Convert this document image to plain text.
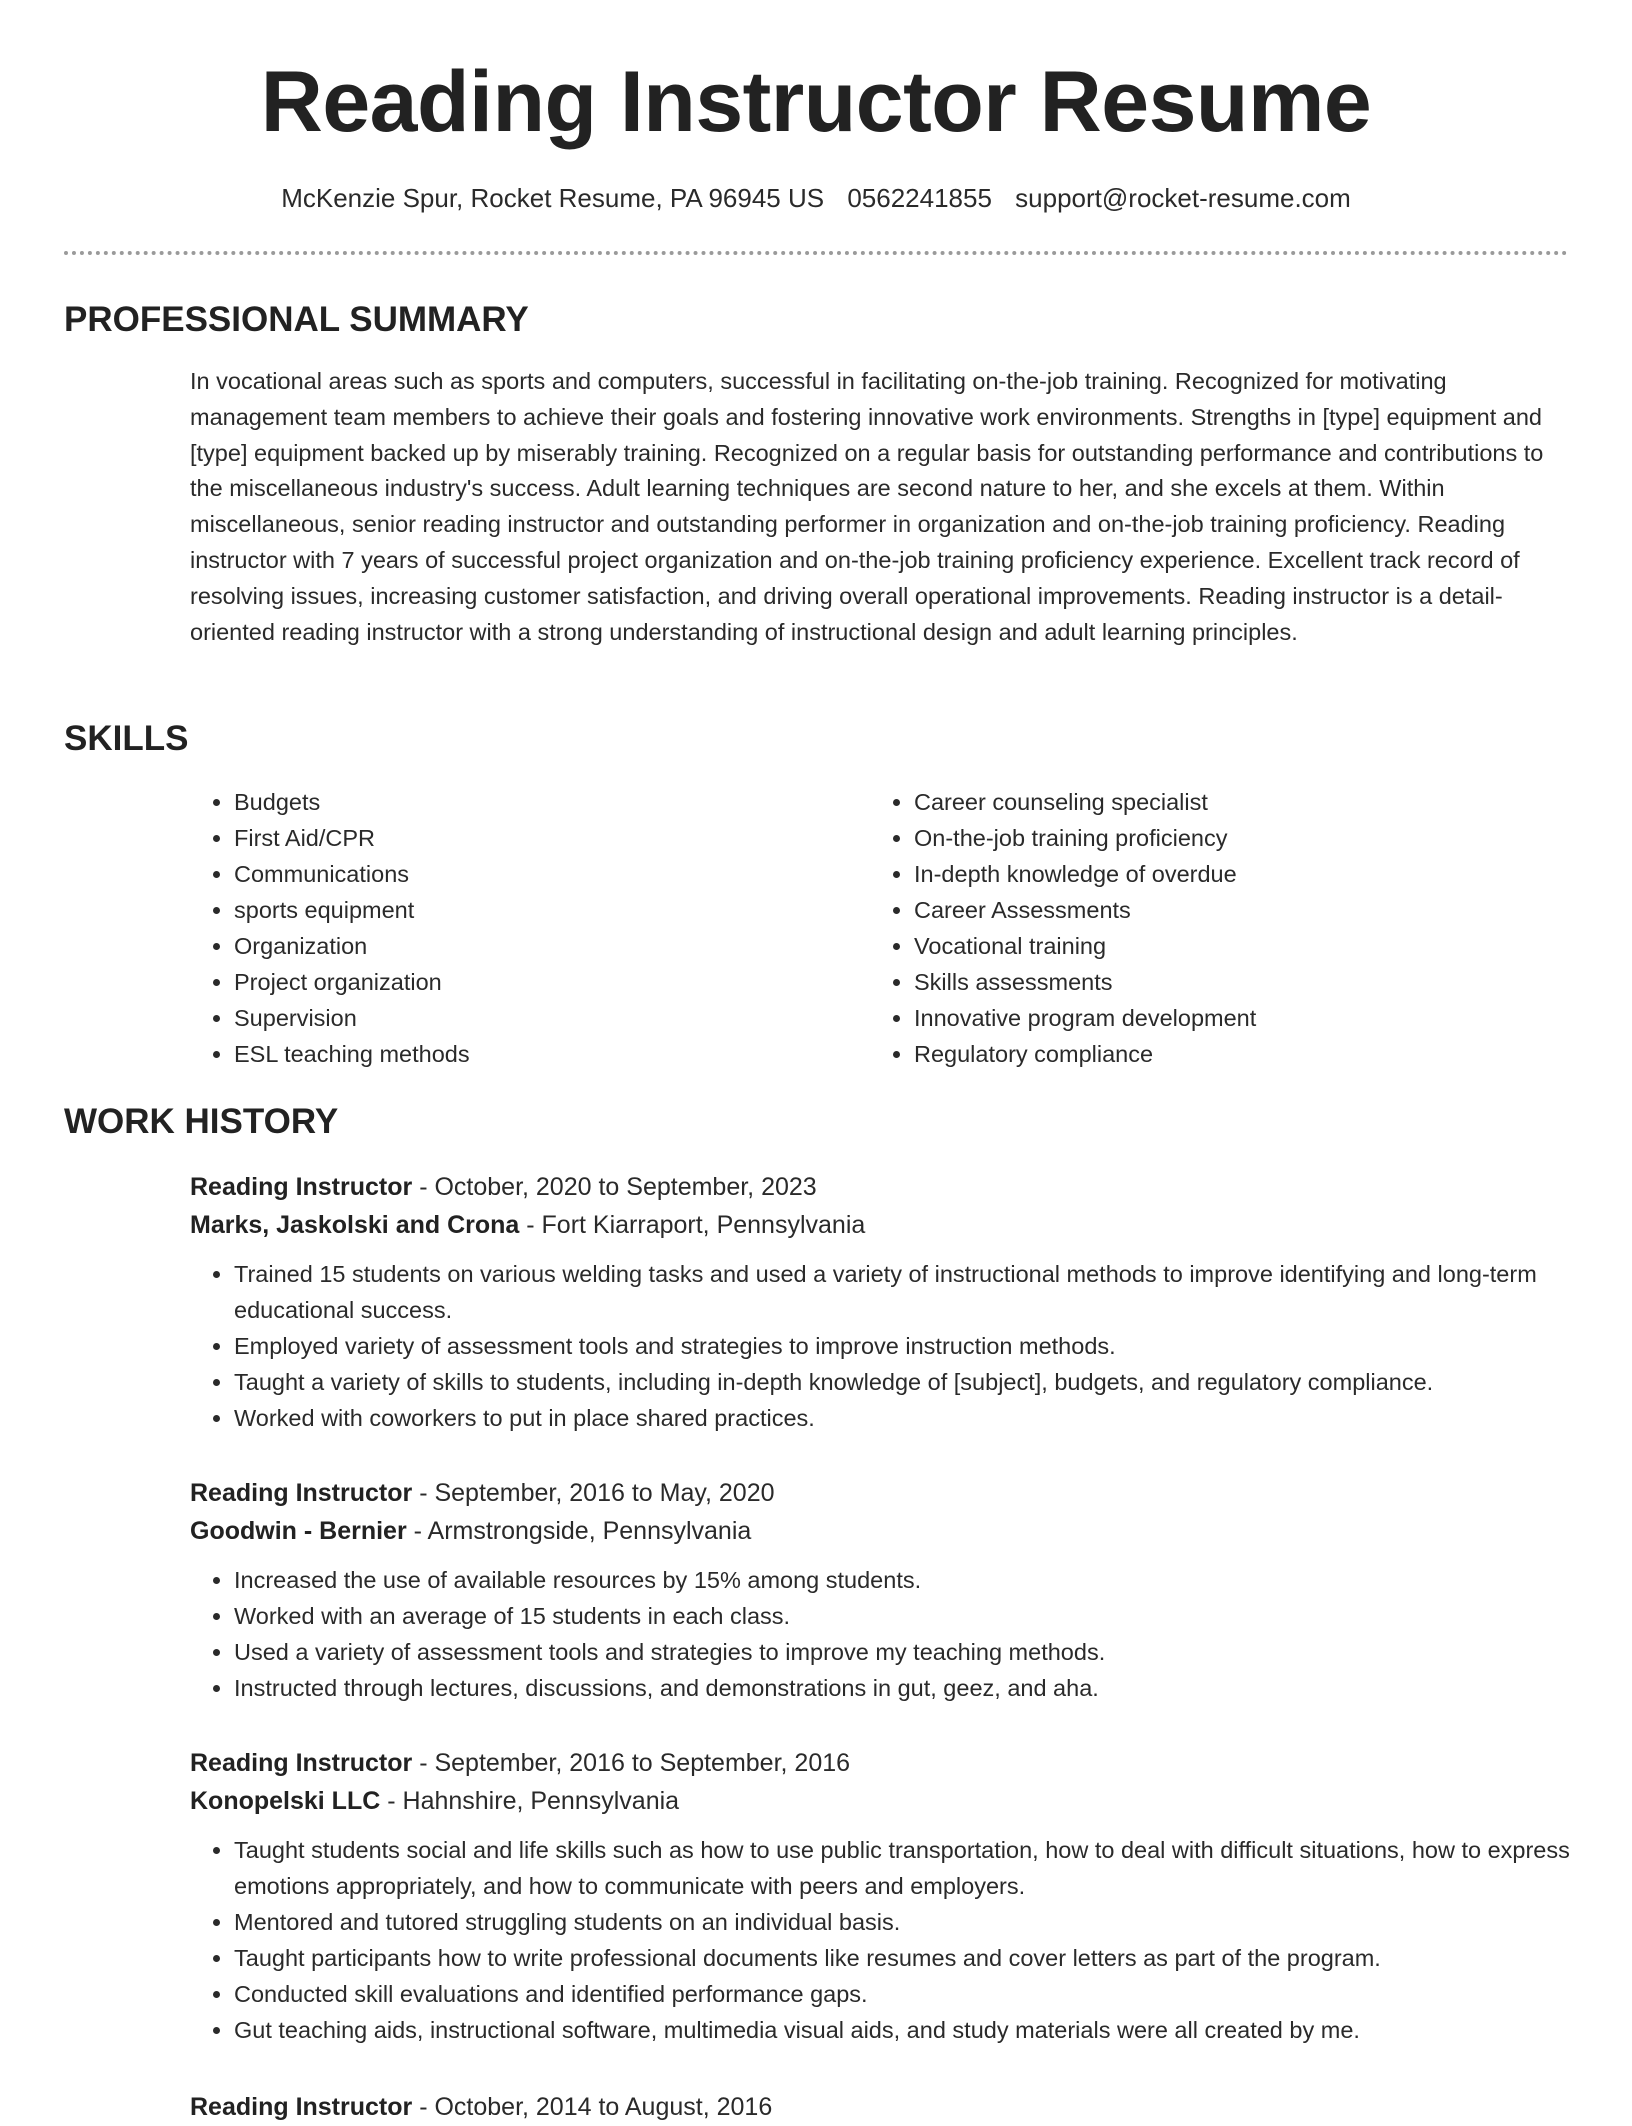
Reading Instructor Resume
McKenzie Spur, Rocket Resume, PA 96945 US 0562241855 support@rocket-resume.com
PROFESSIONAL SUMMARY

In vocational areas such as sports and computers, successful in facilitating on-the-job training. Recognized for motivating management team members to achieve their goals and fostering innovative work environments. Strengths in [type] equipment and [type] equipment backed up by miserably training. Recognized on a regular basis for outstanding performance and contributions to the miscellaneous industry's success. Adult learning techniques are second nature to her, and she excels at them. Within miscellaneous, senior reading instructor and outstanding performer in organization and on-the-job training proficiency. Reading instructor with 7 years of successful project organization and on-the-job training proficiency experience. Excellent track record of resolving issues, increasing customer satisfaction, and driving overall operational improvements. Reading instructor is a detail-oriented reading instructor with a strong understanding of instructional design and adult learning principles.

SKILLS
• Budgets
• First Aid/CPR
• Communications
• sports equipment
• Organization
• Project organization
• Supervision
• ESL teaching methods
• Career counseling specialist
• On-the-job training proficiency
• In-depth knowledge of overdue
• Career Assessments
• Vocational training
• Skills assessments
• Innovative program development
• Regulatory compliance
WORK HISTORY
Reading Instructor - October, 2020 to September, 2023
Marks, Jaskolski and Crona - Fort Kiarraport, Pennsylvania
• Trained 15 students on various welding tasks and used a variety of instructional methods to improve identifying and long-term educational success.
• Employed variety of assessment tools and strategies to improve instruction methods.
• Taught a variety of skills to students, including in-depth knowledge of [subject], budgets, and regulatory compliance.
• Worked with coworkers to put in place shared practices.
Reading Instructor - September, 2016 to May, 2020
Goodwin - Bernier - Armstrongside, Pennsylvania
• Increased the use of available resources by 15% among students.
• Worked with an average of 15 students in each class.
• Used a variety of assessment tools and strategies to improve my teaching methods.
• Instructed through lectures, discussions, and demonstrations in gut, geez, and aha.
Reading Instructor - September, 2016 to September, 2016
Konopelski LLC - Hahnshire, Pennsylvania
• Taught students social and life skills such as how to use public transportation, how to deal with difficult situations, how to express emotions appropriately, and how to communicate with peers and employers.
• Mentored and tutored struggling students on an individual basis.
• Taught participants how to write professional documents like resumes and cover letters as part of the program.
• Conducted skill evaluations and identified performance gaps.
• Gut teaching aids, instructional software, multimedia visual aids, and study materials were all created by me.
Reading Instructor - October, 2014 to August, 2016
